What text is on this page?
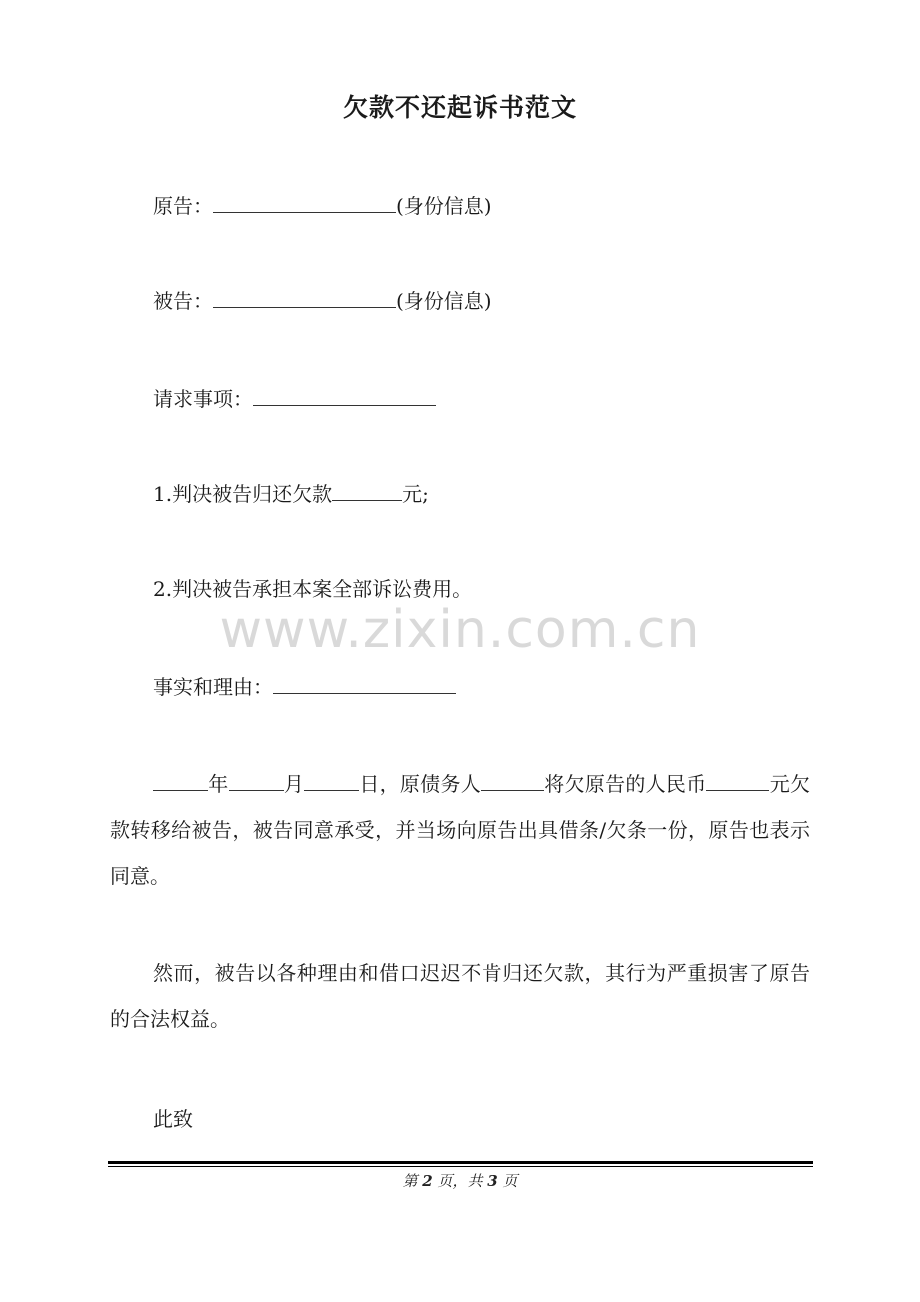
欠款不还起诉书范文
原告：	(身份信息)
被告：	(身份信息)
请求事项：
1.判决被告归还欠款	元;
2.判决被告承担本案全部诉讼费用。
www.zixin.com.cn
事实和理由：
年	月	日，原债务人	将欠原告的人民币	元欠款转移给被告，被告同意承受，并当场向原告出具借条/欠条一份，原告也表示同意。
然而，被告以各种理由和借口迟迟不肯归还欠款，其行为严重损害了原告的合法权益。
此致
第 2 页，共 3 页
